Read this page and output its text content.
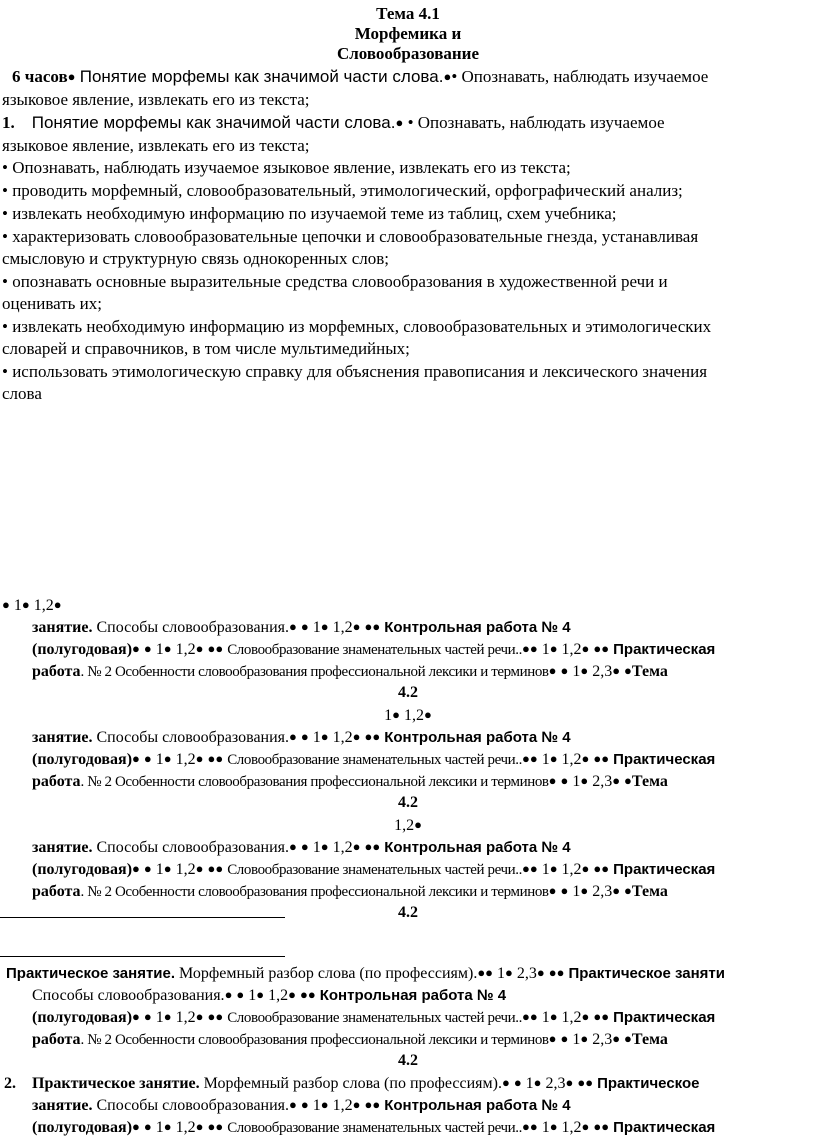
Тема 4.1
Морфемика и
Словообразование
6 часов● Понятие морфемы как значимой части слова.●• Опознавать, наблюдать изучаемое
языковое явление, извлекать его из текста;
1. Понятие морфемы как значимой части слова.● • Опознавать, наблюдать изучаемое
языковое явление, извлекать его из текста;
• Опознавать, наблюдать изучаемое языковое явление, извлекать его из текста;
• проводить морфемный, словообразовательный, этимологический, орфографический анализ;
• извлекать необходимую информацию по изучаемой теме из таблиц, схем учебника;
• характеризовать словообразовательные цепочки и словообразовательные гнезда, устанавливая
смысловую и структурную связь однокоренных слов;
• опознавать основные выразительные средства словообразования в художественной речи и
оценивать их;
• извлекать необходимую информацию из морфемных, словообразовательных и этимологических
словарей и справочников, в том числе мультимедийных;
• использовать этимологическую справку для объяснения правописания и лексического значения
слова
● 1● 1,2●
занятие. Способы словообразования.● ● 1● 1,2● ●● Контрольная работа № 4
(полугодовая)● ● 1● 1,2● ●● Словообразование знаменательных частей речи..●● 1● 1,2● ●● Практическая
работа. № 2 Особенности словообразования профессиональной лексики и терминов● ● 1● 2,3● ●Тема
4.2
1● 1,2●
занятие. Способы словообразования.● ● 1● 1,2● ●● Контрольная работа № 4
(полугодовая)● ● 1● 1,2● ●● Словообразование знаменательных частей речи..●● 1● 1,2● ●● Практическая
работа. № 2 Особенности словообразования профессиональной лексики и терминов● ● 1● 2,3● ●Тема
4.2
1,2●
занятие. Способы словообразования.● ● 1● 1,2● ●● Контрольная работа № 4
(полугодовая)● ● 1● 1,2● ●● Словообразование знаменательных частей речи..●● 1● 1,2● ●● Практическая
работа. № 2 Особенности словообразования профессиональной лексики и терминов● ● 1● 2,3● ●Тема
4.2
Практическое занятие. Морфемный разбор слова (по профессиям).●● 1● 2,3● ●● Практическое заняти
Способы словообразования.● ● 1● 1,2● ●● Контрольная работа № 4
(полугодовая)● ● 1● 1,2● ●● Словообразование знаменательных частей речи..●● 1● 1,2● ●● Практическая
работа. № 2 Особенности словообразования профессиональной лексики и терминов● ● 1● 2,3● ●Тема
4.2
2. Практическое занятие. Морфемный разбор слова (по профессиям).● ● 1● 2,3● ●● Практическое
занятие. Способы словообразования.● ● 1● 1,2● ●● Контрольная работа № 4
(полугодовая)● ● 1● 1,2● ●● Словообразование знаменательных частей речи..●● 1● 1,2● ●● Практическая
